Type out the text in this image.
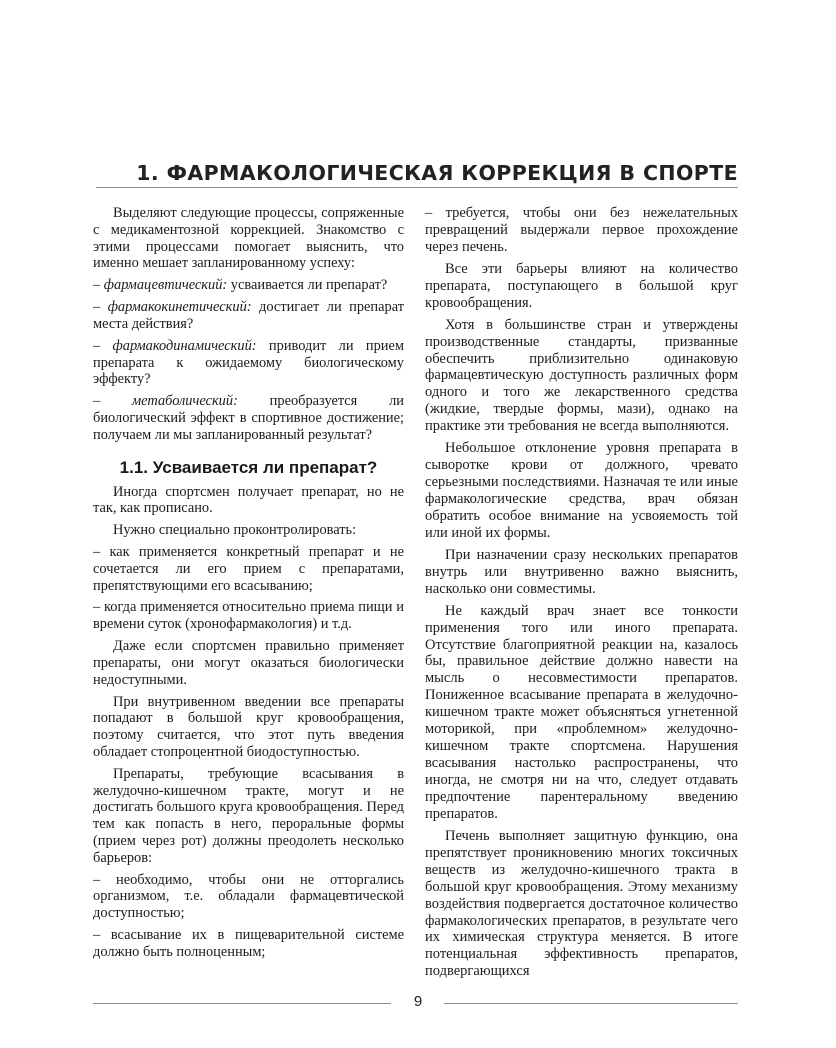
1. ФАРМАКОЛОГИЧЕСКАЯ КОРРЕКЦИЯ В СПОРТЕ

Выделяют следующие процессы, сопряженные с медикаментозной коррекцией. Знакомство с этими процессами помогает выяснить, что именно мешает запланированному успеху:

– фармацевтический: усваивается ли препарат?

– фармакокинетический: достигает ли препарат места действия?

– фармакодинамический: приводит ли прием препарата к ожидаемому биологическому эффекту?

– метаболический: преобразуется ли биологический эффект в спортивное достижение; получаем ли мы запланированный результат?

1.1. Усваивается ли препарат?

Иногда спортсмен получает препарат, но не так, как прописано.

Нужно специально проконтролировать:

– как применяется конкретный препарат и не сочетается ли его прием с препаратами, препятствующими его всасыванию;

– когда применяется относительно приема пищи и времени суток (хронофармакология) и т.д.

Даже если спортсмен правильно применяет препараты, они могут оказаться биологически недоступными.

При внутривенном введении все препараты попадают в большой круг кровообращения, поэтому считается, что этот путь введения обладает стопроцентной биодоступностью.

Препараты, требующие всасывания в желудочно-кишечном тракте, могут и не достигать большого круга кровообращения. Перед тем как попасть в него, пероральные формы (прием через рот) должны преодолеть несколько барьеров:

– необходимо, чтобы они не отторгались организмом, т.е. обладали фармацевтической доступностью;

– всасывание их в пищеварительной системе должно быть полноценным;

– требуется, чтобы они без нежелательных превращений выдержали первое прохождение через печень.

Все эти барьеры влияют на количество препарата, поступающего в большой круг кровообращения.

Хотя в большинстве стран и утверждены производственные стандарты, призванные обеспечить приблизительно одинаковую фармацевтическую доступность различных форм одного и того же лекарственного средства (жидкие, твердые формы, мази), однако на практике эти требования не всегда выполняются.

Небольшое отклонение уровня препарата в сыворотке крови от должного, чревато серьезными последствиями. Назначая те или иные фармакологические средства, врач обязан обратить особое внимание на усвояемость той или иной их формы.

При назначении сразу нескольких препаратов внутрь или внутривенно важно выяснить, насколько они совместимы.

Не каждый врач знает все тонкости применения того или иного препарата. Отсутствие благоприятной реакции на, казалось бы, правильное действие должно навести на мысль о несовместимости препаратов. Пониженное всасывание препарата в желудочно-кишечном тракте может объясняться угнетенной моторикой, при «проблемном» желудочно-кишечном тракте спортсмена. Нарушения всасывания настолько распространены, что иногда, не смотря ни на что, следует отдавать предпочтение парентеральному введению препаратов.

Печень выполняет защитную функцию, она препятствует проникновению многих токсичных веществ из желудочно-кишечного тракта в большой круг кровообращения. Этому механизму воздействия подвергается достаточное количество фармакологических препаратов, в результате чего их химическая структура меняется. В итоге потенциальная эффективность препаратов, подвергающихся

9
